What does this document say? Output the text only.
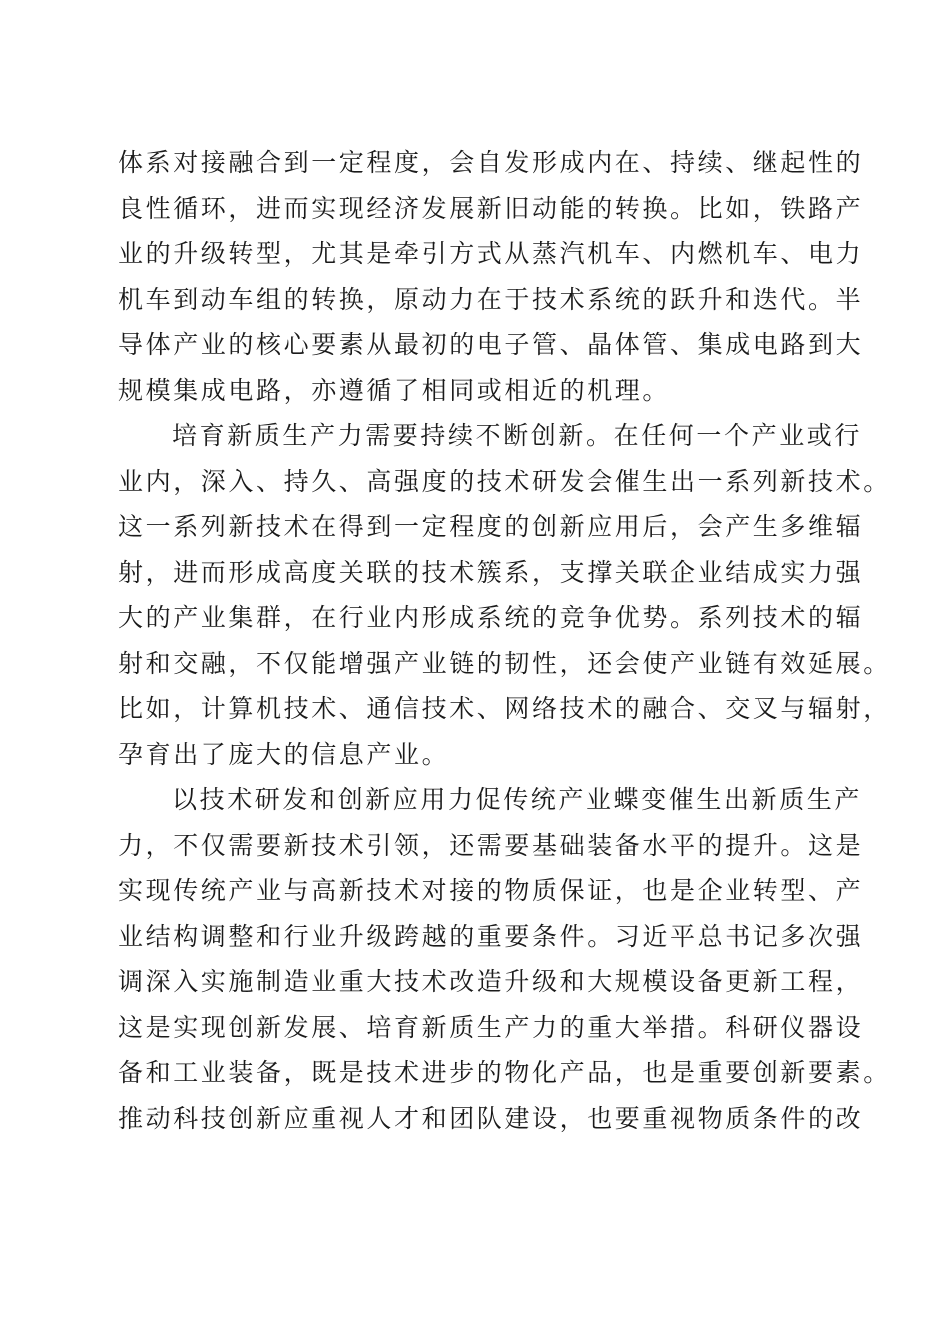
体系对接融合到一定程度，会自发形成内在、持续、继起性的
良性循环，进而实现经济发展新旧动能的转换。比如，铁路产
业的升级转型，尤其是牵引方式从蒸汽机车、内燃机车、电力
机车到动车组的转换，原动力在于技术系统的跃升和迭代。半
导体产业的核心要素从最初的电子管、晶体管、集成电路到大
规模集成电路，亦遵循了相同或相近的机理。
培育新质生产力需要持续不断创新。在任何一个产业或行
业内，深入、持久、高强度的技术研发会催生出一系列新技术。
这一系列新技术在得到一定程度的创新应用后，会产生多维辐
射，进而形成高度关联的技术簇系，支撑关联企业结成实力强
大的产业集群，在行业内形成系统的竞争优势。系列技术的辐
射和交融，不仅能增强产业链的韧性，还会使产业链有效延展。
比如，计算机技术、通信技术、网络技术的融合、交叉与辐射，
孕育出了庞大的信息产业。
以技术研发和创新应用力促传统产业蝶变催生出新质生产
力，不仅需要新技术引领，还需要基础装备水平的提升。这是
实现传统产业与高新技术对接的物质保证，也是企业转型、产
业结构调整和行业升级跨越的重要条件。习近平总书记多次强
调深入实施制造业重大技术改造升级和大规模设备更新工程，
这是实现创新发展、培育新质生产力的重大举措。科研仪器设
备和工业装备，既是技术进步的物化产品，也是重要创新要素。
推动科技创新应重视人才和团队建设，也要重视物质条件的改
